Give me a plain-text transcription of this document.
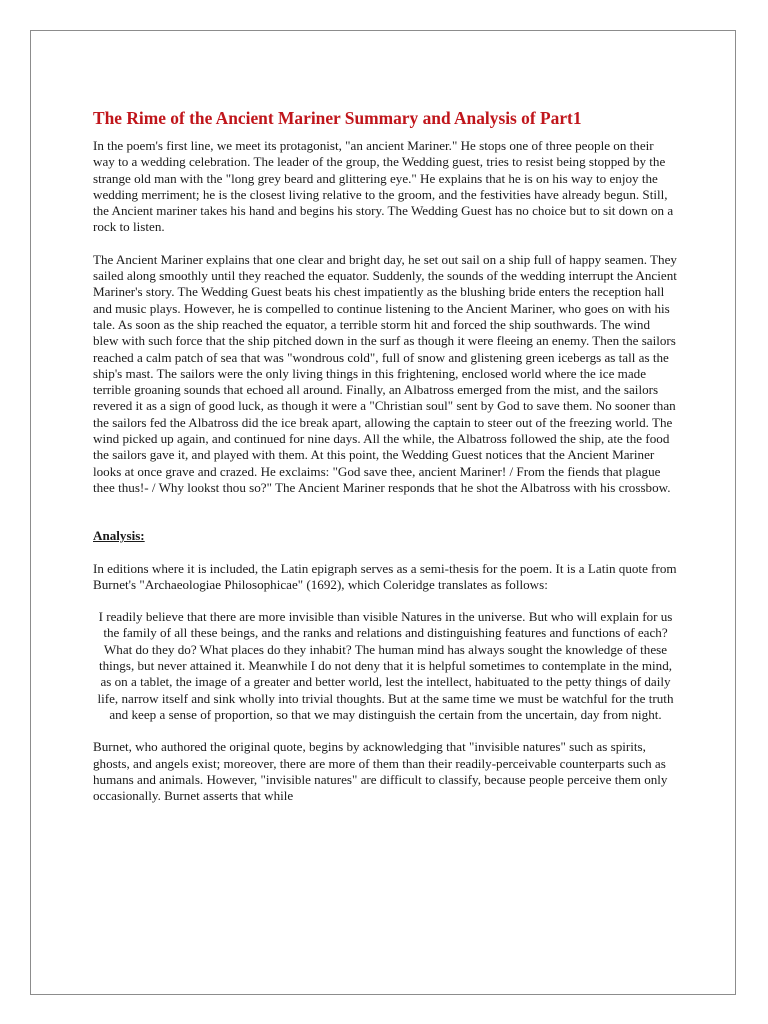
The Rime of the Ancient Mariner Summary and Analysis of Part1

In the poem's first line, we meet its protagonist, "an ancient Mariner." He stops one of three people on their way to a wedding celebration. The leader of the group, the Wedding guest, tries to resist being stopped by the strange old man with the "long grey beard and glittering eye." He explains that he is on his way to enjoy the wedding merriment; he is the closest living relative to the groom, and the festivities have already begun. Still, the Ancient mariner takes his hand and begins his story. The Wedding Guest has no choice but to sit down on a rock to listen.

The Ancient Mariner explains that one clear and bright day, he set out sail on a ship full of happy seamen. They sailed along smoothly until they reached the equator. Suddenly, the sounds of the wedding interrupt the Ancient Mariner's story. The Wedding Guest beats his chest impatiently as the blushing bride enters the reception hall and music plays. However, he is compelled to continue listening to the Ancient Mariner, who goes on with his tale. As soon as the ship reached the equator, a terrible storm hit and forced the ship southwards. The wind blew with such force that the ship pitched down in the surf as though it were fleeing an enemy. Then the sailors reached a calm patch of sea that was "wondrous cold", full of snow and glistening green icebergs as tall as the ship's mast. The sailors were the only living things in this frightening, enclosed world where the ice made terrible groaning sounds that echoed all around. Finally, an Albatross emerged from the mist, and the sailors revered it as a sign of good luck, as though it were a "Christian soul" sent by God to save them. No sooner than the sailors fed the Albatross did the ice break apart, allowing the captain to steer out of the freezing world. The wind picked up again, and continued for nine days. All the while, the Albatross followed the ship, ate the food the sailors gave it, and played with them. At this point, the Wedding Guest notices that the Ancient Mariner looks at once grave and crazed. He exclaims: "God save thee, ancient Mariner! / From the fiends that plague thee thus!- / Why lookst thou so?" The Ancient Mariner responds that he shot the Albatross with his crossbow.

Analysis:

In editions where it is included, the Latin epigraph serves as a semi-thesis for the poem. It is a Latin quote from Burnet's "Archaeologiae Philosophicae" (1692), which Coleridge translates as follows:

I readily believe that there are more invisible than visible Natures in the universe. But who will explain for us the family of all these beings, and the ranks and relations and distinguishing features and functions of each? What do they do? What places do they inhabit? The human mind has always sought the knowledge of these things, but never attained it. Meanwhile I do not deny that it is helpful sometimes to contemplate in the mind, as on a tablet, the image of a greater and better world, lest the intellect, habituated to the petty things of daily life, narrow itself and sink wholly into trivial thoughts. But at the same time we must be watchful for the truth and keep a sense of proportion, so that we may distinguish the certain from the uncertain, day from night.

Burnet, who authored the original quote, begins by acknowledging that "invisible natures" such as spirits, ghosts, and angels exist; moreover, there are more of them than their readily-perceivable counterparts such as humans and animals. However, "invisible natures" are difficult to classify, because people perceive them only occasionally. Burnet asserts that while
